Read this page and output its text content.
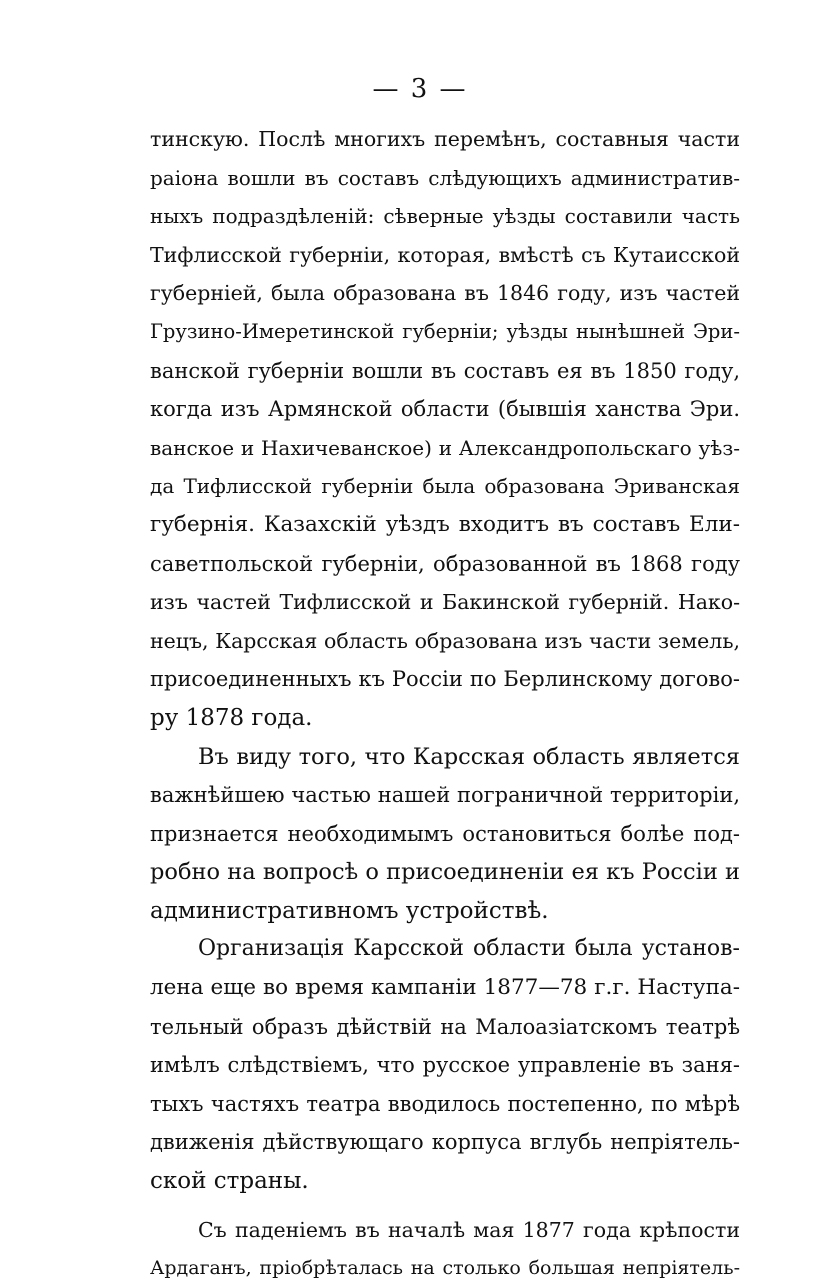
— 3 —
тинскую. Послѣ многихъ перемѣнъ, составныя части
раіона вошли въ составъ слѣдующихъ административ-
ныхъ подраздѣленій: сѣверные уѣзды составили часть
Тифлисской губерніи, которая, вмѣстѣ съ Кутаисской
губерніей, была образована въ 1846 году, изъ частей
Грузино-Имеретинской губерніи; уѣзды нынѣшней Эри-
ванской губерніи вошли въ составъ ея въ 1850 году,
когда изъ Армянской области (бывшія ханства Эри.
ванское и Нахичеванское) и Александропольскаго уѣз-
да Тифлисской губерніи была образована Эриванская
губернія. Казахскій уѣздъ входитъ въ составъ Ели-
саветпольской губерніи, образованной въ 1868 году
изъ частей Тифлисской и Бакинской губерній. Нако-
нецъ, Карсская область образована изъ части земель,
присоединенныхъ къ Россіи по Берлинскому догово-
ру 1878 года.
Въ виду того, что Карсская область является
важнѣйшею частью нашей пограничной территоріи,
признается необходимымъ остановиться болѣе под-
робно на вопросѣ о присоединеніи ея къ Россіи и
административномъ устройствѣ.
Организація Карсской области была установ-
лена еще во время кампаніи 1877—78 г.г. Наступа-
тельный образъ дѣйствій на Малоазіатскомъ театрѣ
имѣлъ слѣдствіемъ, что русское управленіе въ заня-
тыхъ частяхъ театра вводилось постепенно, по мѣрѣ
движенія дѣйствующаго корпуса вглубь непріятель-
ской страны.
Съ паденіемъ въ началѣ мая 1877 года крѣпости
Ардаганъ, пріобрѣталась на столько большая непріятель-
